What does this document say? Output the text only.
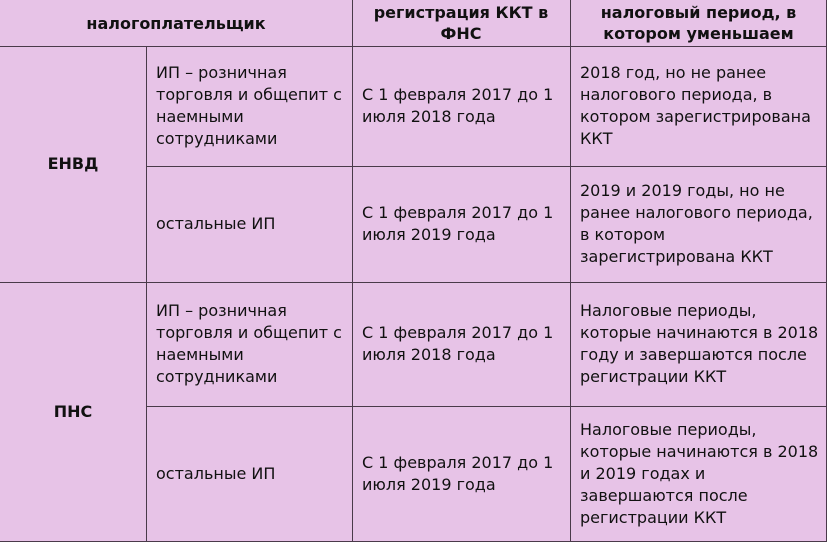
налогоплательщик
регистрация ККТ в ФНС
налоговый период, в котором уменьшаем
ЕНВД
ПНС
ИП – розничная торговля и общепит с наемными сотрудниками
С 1 февраля 2017 до 1 июля 2018 года
2018 год, но не ранее налогового периода, в котором зарегистрирована ККТ
остальные ИП
С 1 февраля 2017 до 1 июля 2019 года
2019 и 2019 годы, но не ранее налогового периода, в котором зарегистрирована ККТ
ИП – розничная торговля и общепит с наемными сотрудниками
С 1 февраля 2017 до 1 июля 2018 года
Налоговые периоды, которые начинаются в 2018 году и завершаются после регистрации ККТ
остальные ИП
С 1 февраля 2017 до 1 июля 2019 года
Налоговые периоды, которые начинаются в 2018 и 2019 годах и завершаются после регистрации ККТ
